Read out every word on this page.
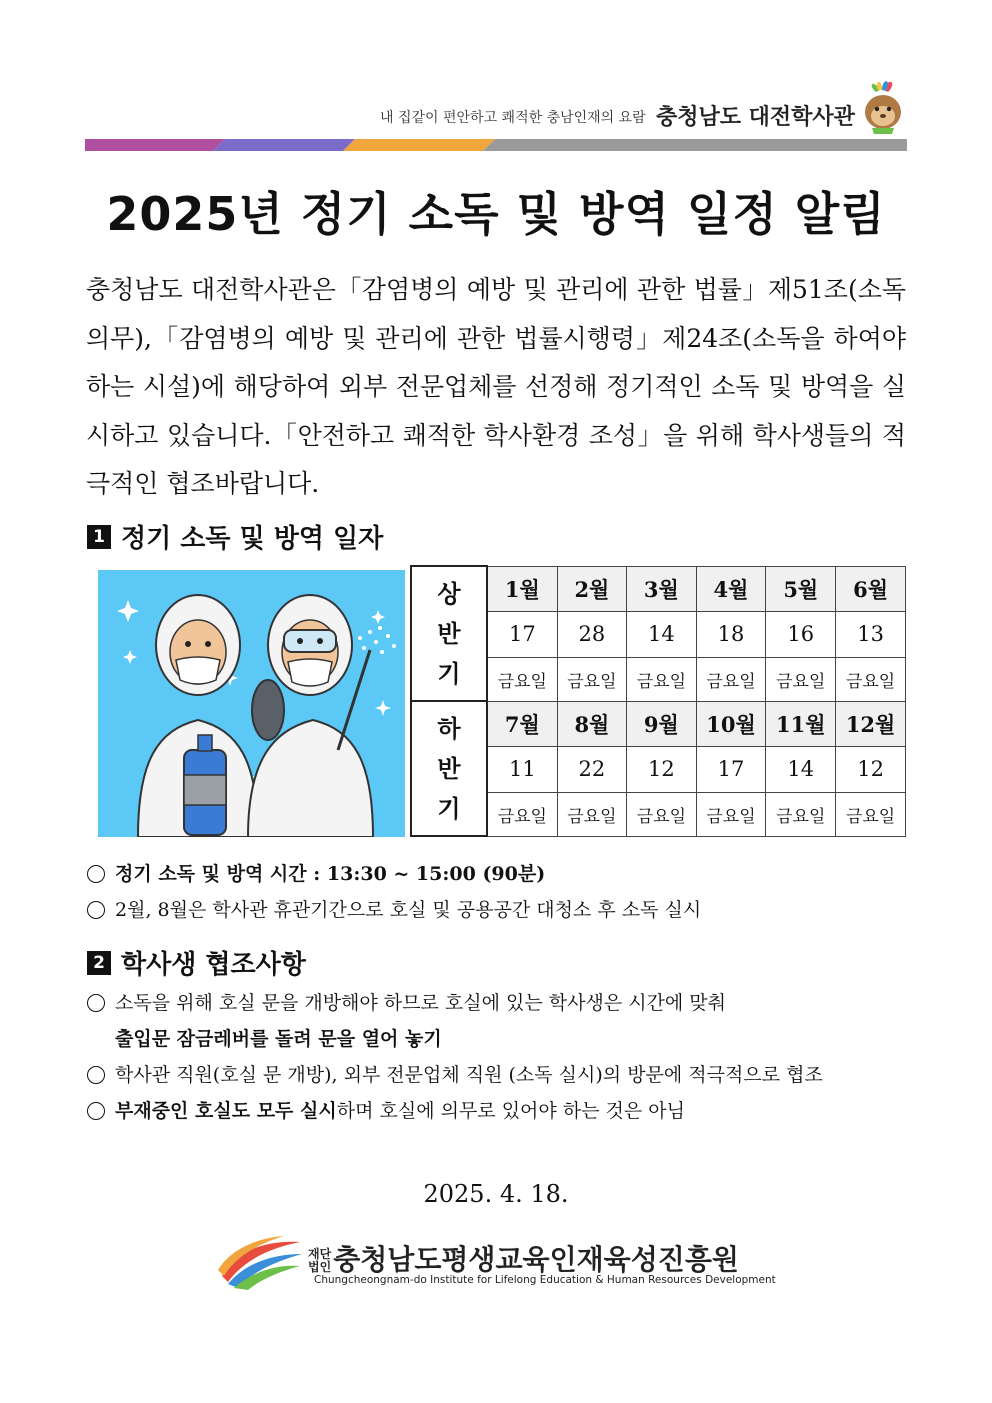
내 집같이 편안하고 쾌적한 충남인재의 요람 충청남도 대전학사관
2025년 정기 소독 및 방역 일정 알림
충청남도 대전학사관은「감염병의 예방 및 관리에 관한 법률」제51조(소독의무),「감염병의 예방 및 관리에 관한 법률시행령」제24조(소독을 하여야 하는 시설)에 해당하여 외부 전문업체를 선정해 정기적인 소독 및 방역을 실시하고 있습니다.「안전하고 쾌적한 학사환경 조성」을 위해 학사생들의 적극적인 협조바랍니다.
1 정기 소독 및 방역 일자
상
반
기	1월	2월	3월	4월	5월	6월
	17	28	14	18	16	13
	금요일	금요일	금요일	금요일	금요일	금요일

하
반
기	7월	8월	9월	10월	11월	12월
	11	22	12	17	14	12
	금요일	금요일	금요일	금요일	금요일	금요일
정기 소독 및 방역 시간 : 13:30 ~ 15:00 (90분)
2월, 8월은 학사관 휴관기간으로 호실 및 공용공간 대청소 후 소독 실시
2 학사생 협조사항
소독을 위해 호실 문을 개방해야 하므로 호실에 있는 학사생은 시간에 맞춰
출입문 잠금레버를 돌려 문을 열어 놓기
학사관 직원(호실 문 개방), 외부 전문업체 직원 (소독 실시)의 방문에 적극적으로 협조
부재중인 호실도 모두 실시하며 호실에 의무로 있어야 하는 것은 아님
2025. 4. 18.
재단
법인충청남도평생교육인재육성진흥원
Chungcheongnam-do Institute for Lifelong Education & Human Resources Development
